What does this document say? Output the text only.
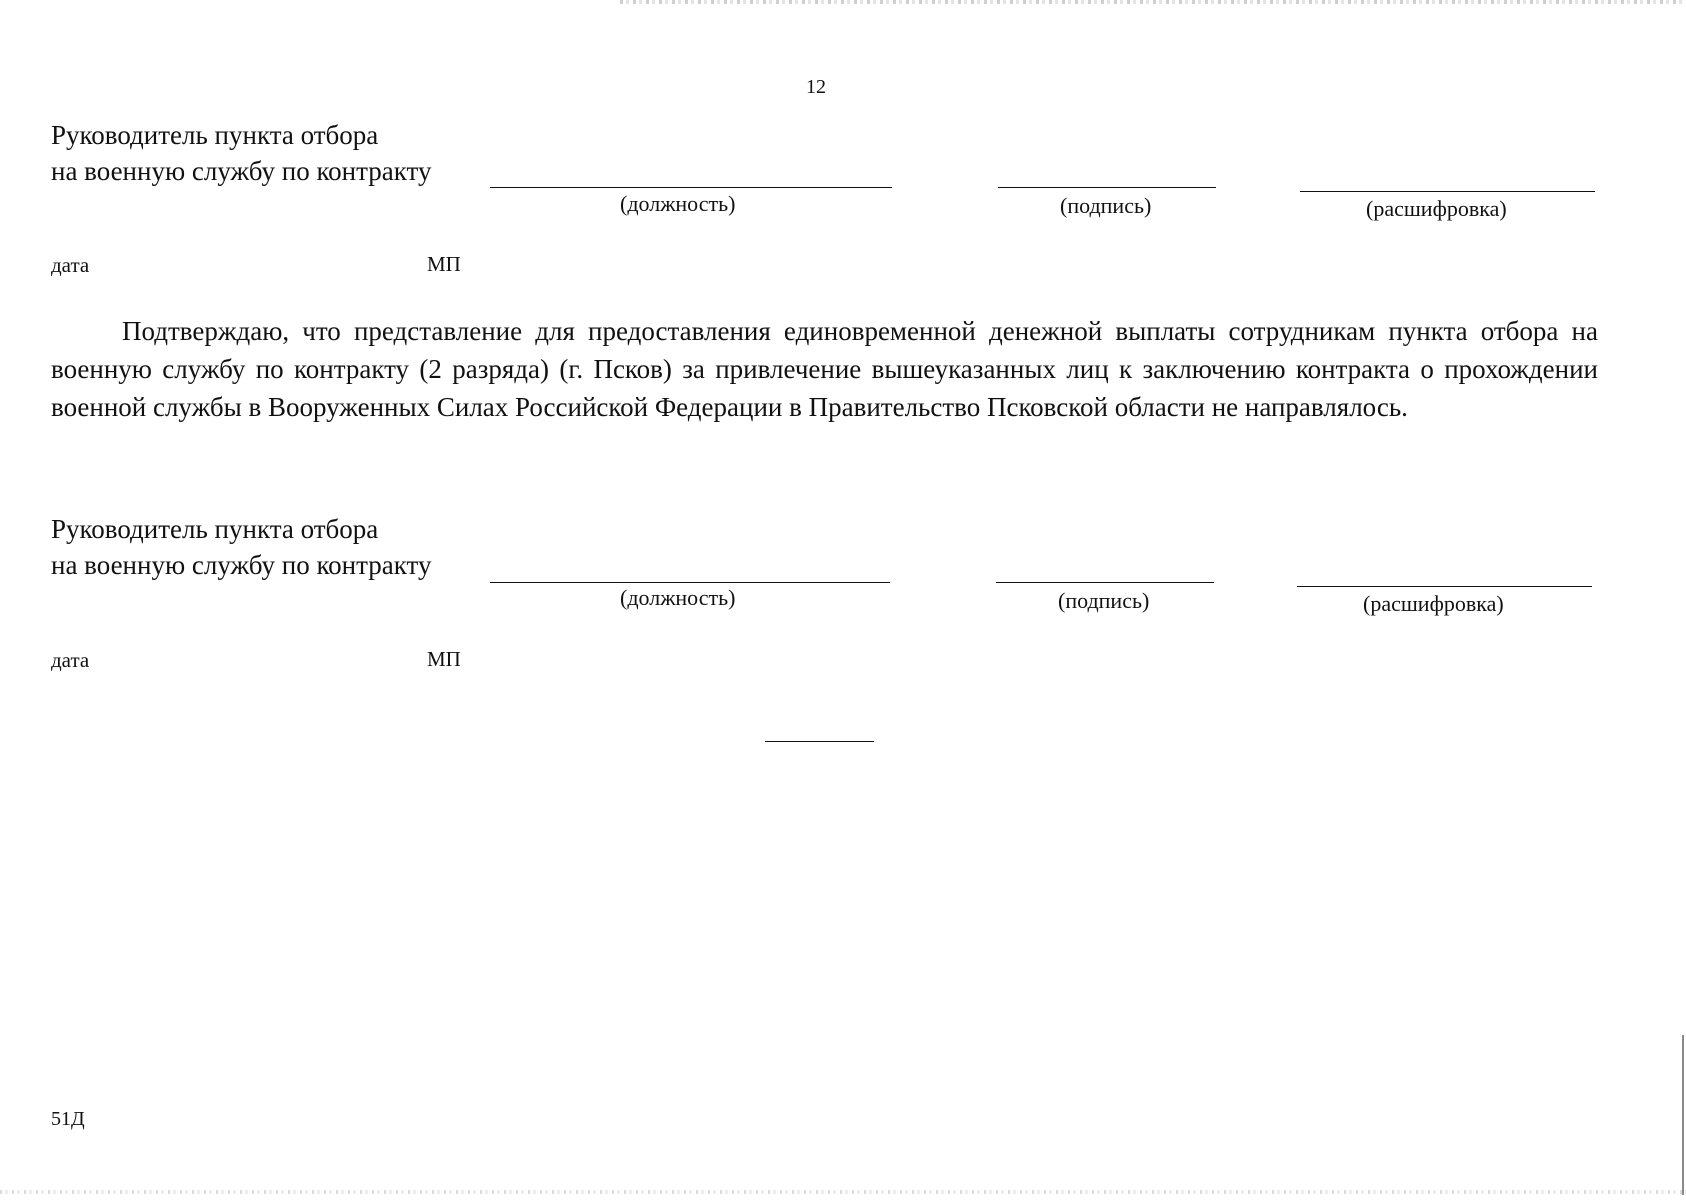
12
Руководитель пункта отбора
на военную службу по контракту
(должность)	(подпись)	(расшифровка)
дата	МП

Подтверждаю, что представление для предоставления единовременной денежной выплаты сотрудникам пункта отбора на военную службу по контракту (2 разряда) (г. Псков) за привлечение вышеуказанных лиц к заключению контракта о прохождении военной службы в Вооруженных Силах Российской Федерации в Правительство Псковской области не направлялось.

Руководитель пункта отбора
на военную службу по контракту
(должность)	(подпись)	(расшифровка)
дата	МП
51Д
